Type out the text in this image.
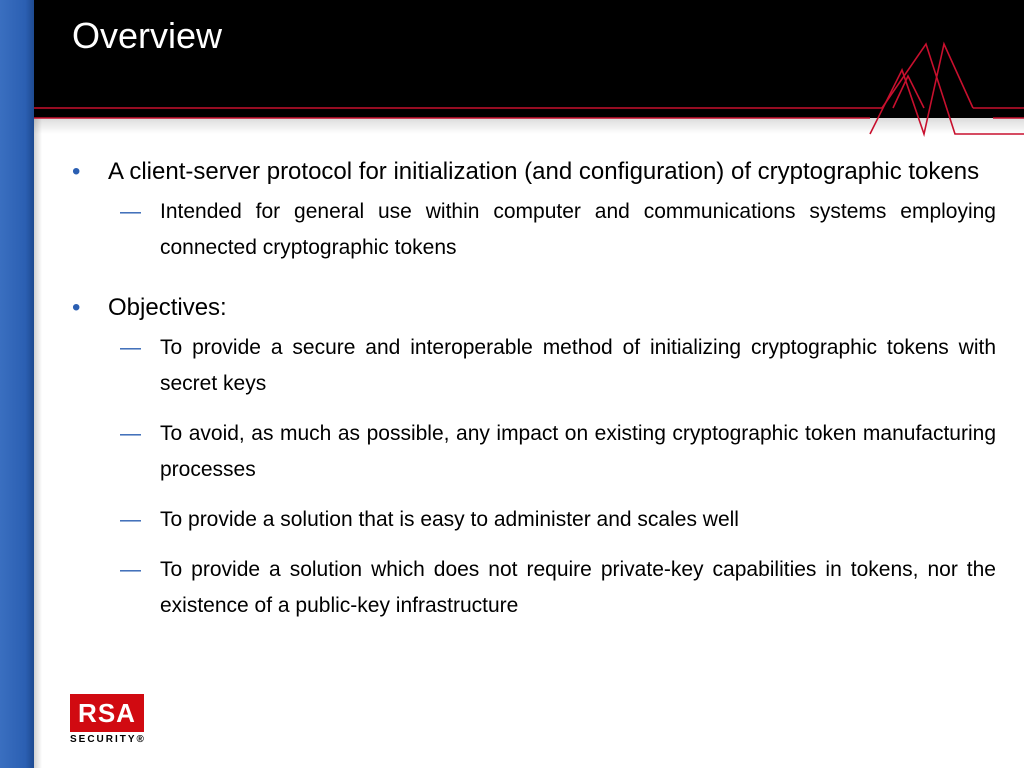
Overview
• A client-server protocol for initialization (and configuration) of cryptographic tokens
— Intended for general use within computer and communications systems employing connected cryptographic tokens
• Objectives:
— To provide a secure and interoperable method of initializing cryptographic tokens with secret keys
— To avoid, as much as possible, any impact on existing cryptographic token manufacturing processes
— To provide a solution that is easy to administer and scales well
— To provide a solution which does not require private-key capabilities in tokens, nor the existence of a public-key infrastructure
RSA
SECURITY®
